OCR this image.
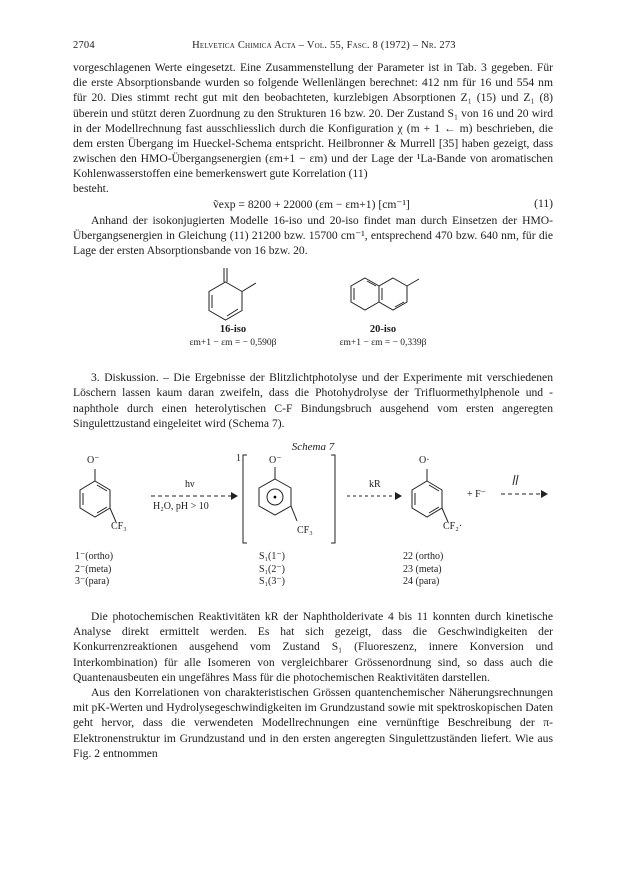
2704	Helvetica Chimica Acta – Vol. 55, Fasc. 8 (1972) – Nr. 273

vorgeschlagenen Werte eingesetzt. Eine Zusammenstellung der Parameter ist in Tab. 3 gegeben. Für die erste Absorptionsbande wurden so folgende Wellenlängen berechnet: 412 nm für 16 und 554 nm für 20. Dies stimmt recht gut mit den beobachteten, kurzlebigen Absorptionen Z₁ (15) und Z₁ (8) überein und stützt deren Zuordnung zu den Strukturen 16 bzw. 20. Der Zustand S₁ von 16 und 20 wird in der Modellrechnung fast ausschliesslich durch die Konfiguration χ (m + 1 ← m) beschrieben, die dem ersten Übergang im Hueckel-Schema entspricht. Heilbronner & Murrell [35] haben gezeigt, dass zwischen den HMO-Übergangsenergien (εm+1 − εm) und der Lage der ¹La-Bande von aromatischen Kohlenwasserstoffen eine bemerkenswert gute Korrelation (11)

besteht.
ṽexp = 8200 + 22000 (εm − εm+1) [cm⁻¹]	(11)

Anhand der isokonjugierten Modelle 16-iso und 20-iso findet man durch Einsetzen der HMO-Übergangsenergien in Gleichung (11) 21200 bzw. 15700 cm⁻¹, entsprechend 470 bzw. 640 nm, für die Lage der ersten Absorptionsbande von 16 bzw. 20.

16-iso
εm+1 − εm = − 0,590β
20-iso
εm+1 − εm = − 0,339β

3. Diskussion. – Die Ergebnisse der Blitzlichtphotolyse und der Experimente mit verschiedenen Löschern lassen kaum daran zweifeln, dass die Photohydrolyse der Trifluormethylphenole und -naphthole durch einen heterolytischen C-F Bindungsbruch ausgehend vom ersten angeregten Singulettzustand eingeleitet wird (Schema 7).

Schema 7
O⁻
CF₃
hν
H₂O, pH > 10
1
•
O⁻
CF₃
kR
O·
CF₂·
+ F⁻
1⁻(ortho)
2⁻(meta)
3⁻(para)
S₁(1⁻)
S₁(2⁻)
S₁(3⁻)
22 (ortho)
23 (meta)
24 (para)

Die photochemischen Reaktivitäten kR der Naphtholderivate 4 bis 11 konnten durch kinetische Analyse direkt ermittelt werden. Es hat sich gezeigt, dass die Geschwindigkeiten der Konkurrenzreaktionen ausgehend vom Zustand S₁ (Fluoreszenz, innere Konversion und Interkombination) für alle Isomeren von vergleichbarer Grössenordnung sind, so dass auch die Quantenausbeuten ein ungefähres Mass für die photochemischen Reaktivitäten darstellen.

Aus den Korrelationen von charakteristischen Grössen quantenchemischer Näherungsrechnungen mit pK-Werten und Hydrolysegeschwindigkeiten im Grundzustand sowie mit spektroskopischen Daten geht hervor, dass die verwendeten Modellrechnungen eine vernünftige Beschreibung der π-Elektronenstruktur im Grundzustand und in den ersten angeregten Singulettzuständen liefert. Wie aus Fig. 2 entnommen
